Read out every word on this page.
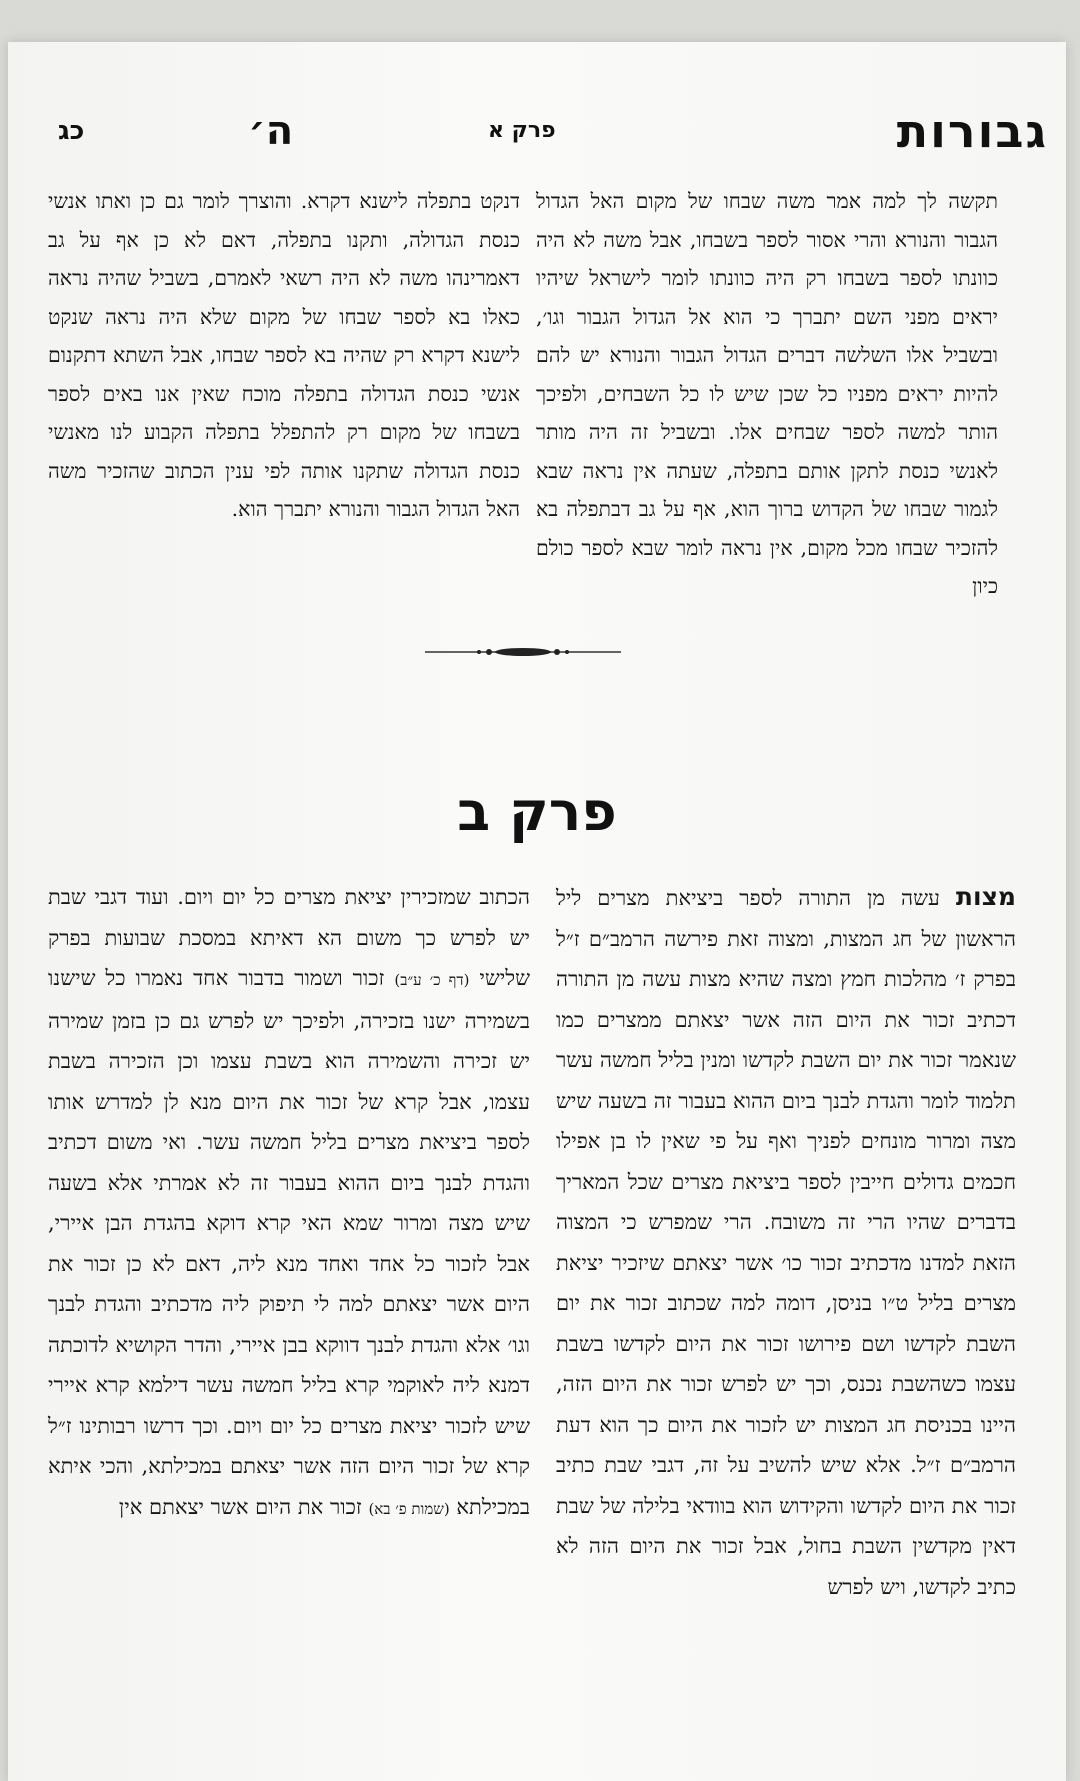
גבורות
פרק א
ה׳
כג

תקשה לך למה אמר משה שבחו של מקום האל הגדול הגבור והנורא והרי אסור לספר בשבחו, אבל משה לא היה כוונתו לספר בשבחו רק היה כוונתו לומר לישראל שיהיו יראים מפני השם יתברך כי הוא אל הגדול הגבור וגו׳, ובשביל אלו השלשה דברים הגדול הגבור והנורא יש להם להיות יראים מפניו כל שכן שיש לו כל השבחים, ולפיכך הותר למשה לספר שבחים אלו. ובשביל זה היה מותר לאנשי כנסת לתקן אותם בתפלה, שעתה אין נראה שבא לגמור שבחו של הקדוש ברוך הוא, אף על גב דבתפלה בא להזכיר שבחו מכל מקום, אין נראה לומר שבא לספר כולם כיון

דנקט בתפלה לישנא דקרא. והוצרך לומר גם כן ואתו אנשי כנסת הגדולה, ותקנו בתפלה, דאם לא כן אף על גב דאמרינהו משה לא היה רשאי לאמרם, בשביל שהיה נראה כאלו בא לספר שבחו של מקום שלא היה נראה שנקט לישנא דקרא רק שהיה בא לספר שבחו, אבל השתא דתקנום אנשי כנסת הגדולה בתפלה מוכח שאין אנו באים לספר בשבחו של מקום רק להתפלל בתפלה הקבוע לנו מאנשי כנסת הגדולה שתקנו אותה לפי ענין הכתוב שהזכיר משה האל הגדול הגבור והנורא יתברך הוא.

פרק ב

מצות עשה מן התורה לספר ביציאת מצרים ליל הראשון של חג המצות, ומצוה זאת פירשה הרמב״ם ז״ל בפרק ז׳ מהלכות חמץ ומצה שהיא מצות עשה מן התורה דכתיב זכור את היום הזה אשר יצאתם ממצרים כמו שנאמר זכור את יום השבת לקדשו ומנין בליל חמשה עשר תלמוד לומר והגדת לבנך ביום ההוא בעבור זה בשעה שיש מצה ומרור מונחים לפניך ואף על פי שאין לו בן אפילו חכמים גדולים חייבין לספר ביציאת מצרים שכל המאריך בדברים שהיו הרי זה משובח. הרי שמפרש כי המצוה הזאת למדנו מדכתיב זכור כו׳ אשר יצאתם שיזכיר יציאת מצרים בליל ט״ו בניסן, דומה למה שכתוב זכור את יום השבת לקדשו ושם פירושו זכור את היום לקדשו בשבת עצמו כשהשבת נכנס, וכך יש לפרש זכור את היום הזה, היינו בכניסת חג המצות יש לזכור את היום כך הוא דעת הרמב״ם ז״ל. אלא שיש להשיב על זה, דגבי שבת כתיב זכור את היום לקדשו והקידוש הוא בוודאי בלילה של שבת דאין מקדשין השבת בחול, אבל זכור את היום הזה לא כתיב לקדשו, ויש לפרש

הכתוב שמזכירין יציאת מצרים כל יום ויום. ועוד דגבי שבת יש לפרש כך משום הא דאיתא במסכת שבועות בפרק שלישי (דף כ׳ ע״ב) זכור ושמור בדבור אחד נאמרו כל שישנו בשמירה ישנו בזכירה, ולפיכך יש לפרש גם כן בזמן שמירה יש זכירה והשמירה הוא בשבת עצמו וכן הזכירה בשבת עצמו, אבל קרא של זכור את היום מנא לן למדרש אותו לספר ביציאת מצרים בליל חמשה עשר. ואי משום דכתיב והגדת לבנך ביום ההוא בעבור זה לא אמרתי אלא בשעה שיש מצה ומרור שמא האי קרא דוקא בהגדת הבן איירי, אבל לזכור כל אחד ואחד מנא ליה, דאם לא כן זכור את היום אשר יצאתם למה לי תיפוק ליה מדכתיב והגדת לבנך וגו׳ אלא והגדת לבנך דווקא בבן איירי, והדר הקושיא לדוכתה דמנא ליה לאוקמי קרא בליל חמשה עשר דילמא קרא איירי שיש לזכור יציאת מצרים כל יום ויום. וכך דרשו רבותינו ז״ל קרא של זכור היום הזה אשר יצאתם במכילתא, והכי איתא במכילתא (שמות פ׳ בא) זכור את היום אשר יצאתם אין
